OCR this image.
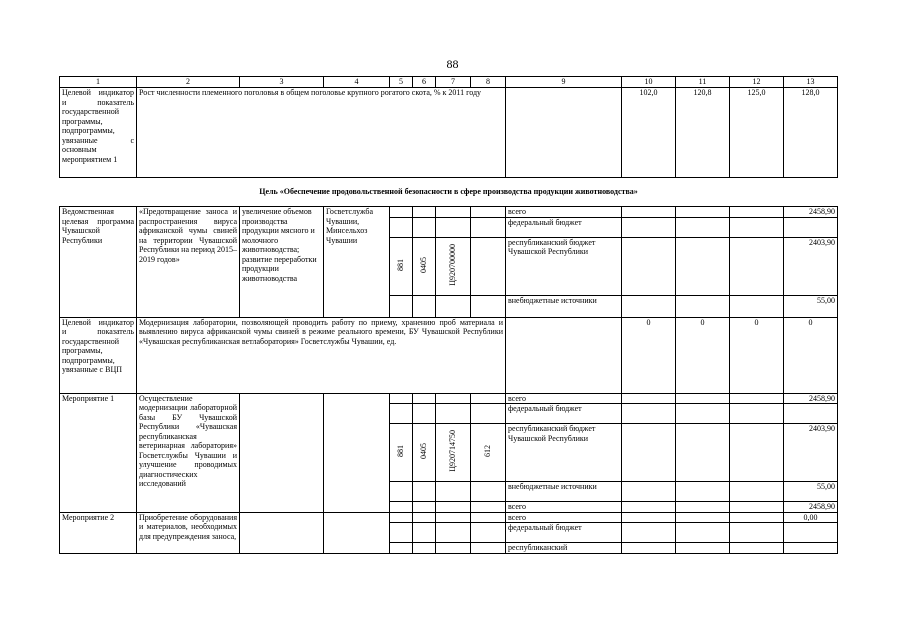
88
1	2	3	4	5	6	7	8	9	10	11	12	13
Целевой индикатор и показатель государственной программы, подпрограммы, увязанные с основным мероприятием 1	Рост численности племенного поголовья в общем поголовье крупного рогатого скота, % к 2011 году								102,0	120,8	125,0	128,0
Цель «Обеспечение продовольственной безопасности в сфере производства продукции животноводства»												
Ведомственная целевая программа Чувашской Республики	«Предотвращение заноса и распространения вируса африканской чумы свиней на территории Чувашской Республики на период 2015–2019 годов»	увеличение объемов производства продукции мясного и молочного животноводства; развитие переработки продукции животноводства	Госветслужба Чувашии, Минсельхоз Чувашии					всего				2458,90
								федеральный бюджет				
				881	0405	Ц920700000		республиканский бюджет Чувашской Республики				2403,90
								внебюджетные источники				55,00
Целевой индикатор и показатель государственной программы, подпрограммы, увязанные с ВЦП	Модернизация лаборатории, позволяющей проводить работу по приему, хранению проб материала и выявлению вируса африканской чумы свиней в режиме реального времени, БУ Чувашской Республики «Чувашская республиканская ветлаборатория» Госветслужбы Чувашии, ед.								0	0	0	0
Мероприятие 1	Осуществление модернизации лабораторной базы БУ Чувашской Республики «Чувашская республиканская ветеринарная лаборатория» Госветслужбы Чувашии и улучшение проводимых диагностических исследований							всего				2458,90
								федеральный бюджет				
				881	0405	Ц920714750	612	республиканский бюджет Чувашской Республики				2403,90
								внебюджетные источники				55,00
								всего				2458,90
Мероприятие 2	Приобретение оборудования и материалов, необходимых для предупреждения заноса,							всего				0,00
								федеральный бюджет				
								республиканский				
